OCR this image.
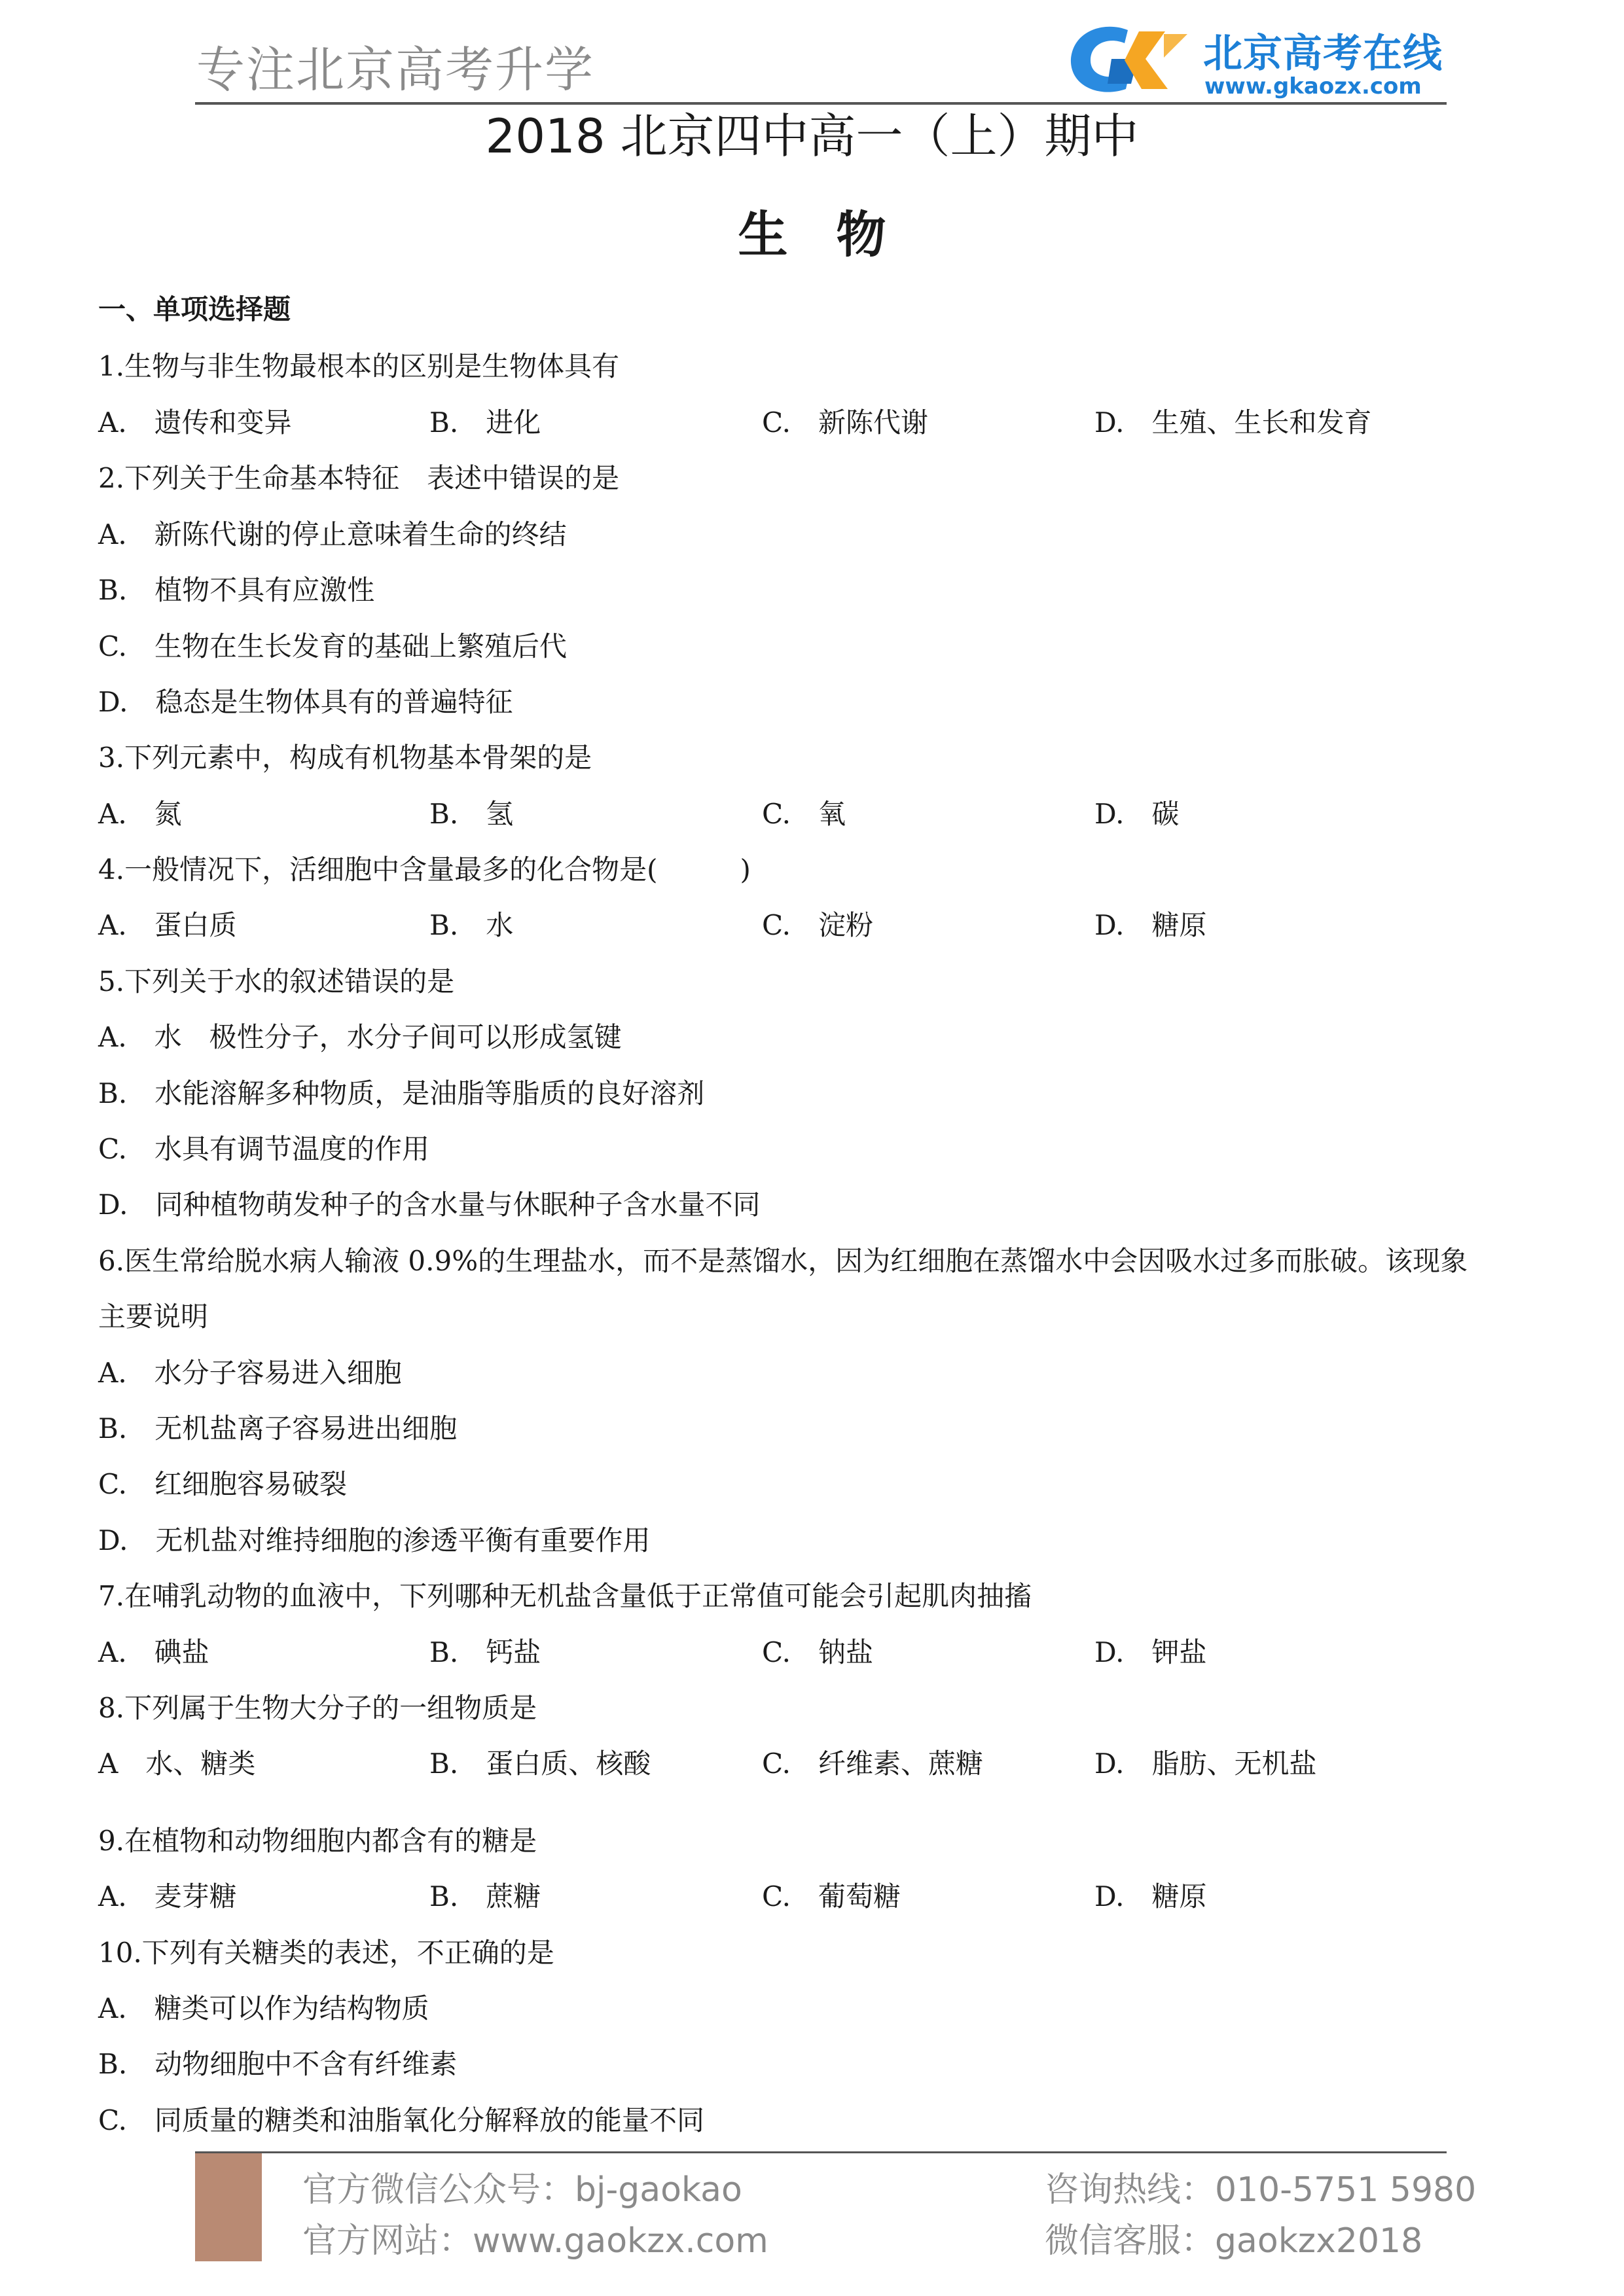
专注北京高考升学	北京高考在线
www.gkaozx.com
2018 北京四中高一（上）期中
生 物
一、单项选择题
1.生物与非生物最根本的区别是生物体具有
A.　遗传和变异	B.　进化	C.　新陈代谢	D.　生殖、生长和发育
2.下列关于生命基本特征　表述中错误的是
A.　新陈代谢的停止意味着生命的终结
B.　植物不具有应激性
C.　生物在生长发育的基础上繁殖后代
D.　稳态是生物体具有的普遍特征
3.下列元素中，构成有机物基本骨架的是
A.　氮	B.　氢	C.　氧	D.　碳
4.一般情况下，活细胞中含量最多的化合物是(　　　)
A.　蛋白质	B.　水	C.　淀粉	D.　糖原
5.下列关于水的叙述错误的是
A.　水　极性分子，水分子间可以形成氢键
B.　水能溶解多种物质，是油脂等脂质的良好溶剂
C.　水具有调节温度的作用
D.　同种植物萌发种子的含水量与休眠种子含水量不同
6.医生常给脱水病人输液 0.9%的生理盐水，而不是蒸馏水，因为红细胞在蒸馏水中会因吸水过多而胀破。该现象
主要说明
A.　水分子容易进入细胞
B.　无机盐离子容易进出细胞
C.　红细胞容易破裂
D.　无机盐对维持细胞的渗透平衡有重要作用
7.在哺乳动物的血液中，下列哪种无机盐含量低于正常值可能会引起肌肉抽搐
A.　碘盐	B.　钙盐	C.　钠盐	D.　钾盐
8.下列属于生物大分子的一组物质是
A　水、糖类	B.　蛋白质、核酸	C.　纤维素、蔗糖	D.　脂肪、无机盐
9.在植物和动物细胞内都含有的糖是
A.　麦芽糖	B.　蔗糖	C.　葡萄糖	D.　糖原
10.下列有关糖类的表述，不正确的是
A.　糖类可以作为结构物质
B.　动物细胞中不含有纤维素
C.　同质量的糖类和油脂氧化分解释放的能量不同
官方微信公众号：bj-gaokao
官方网站：www.gaokzx.com
咨询热线：010-5751 5980
微信客服：gaokzx2018
